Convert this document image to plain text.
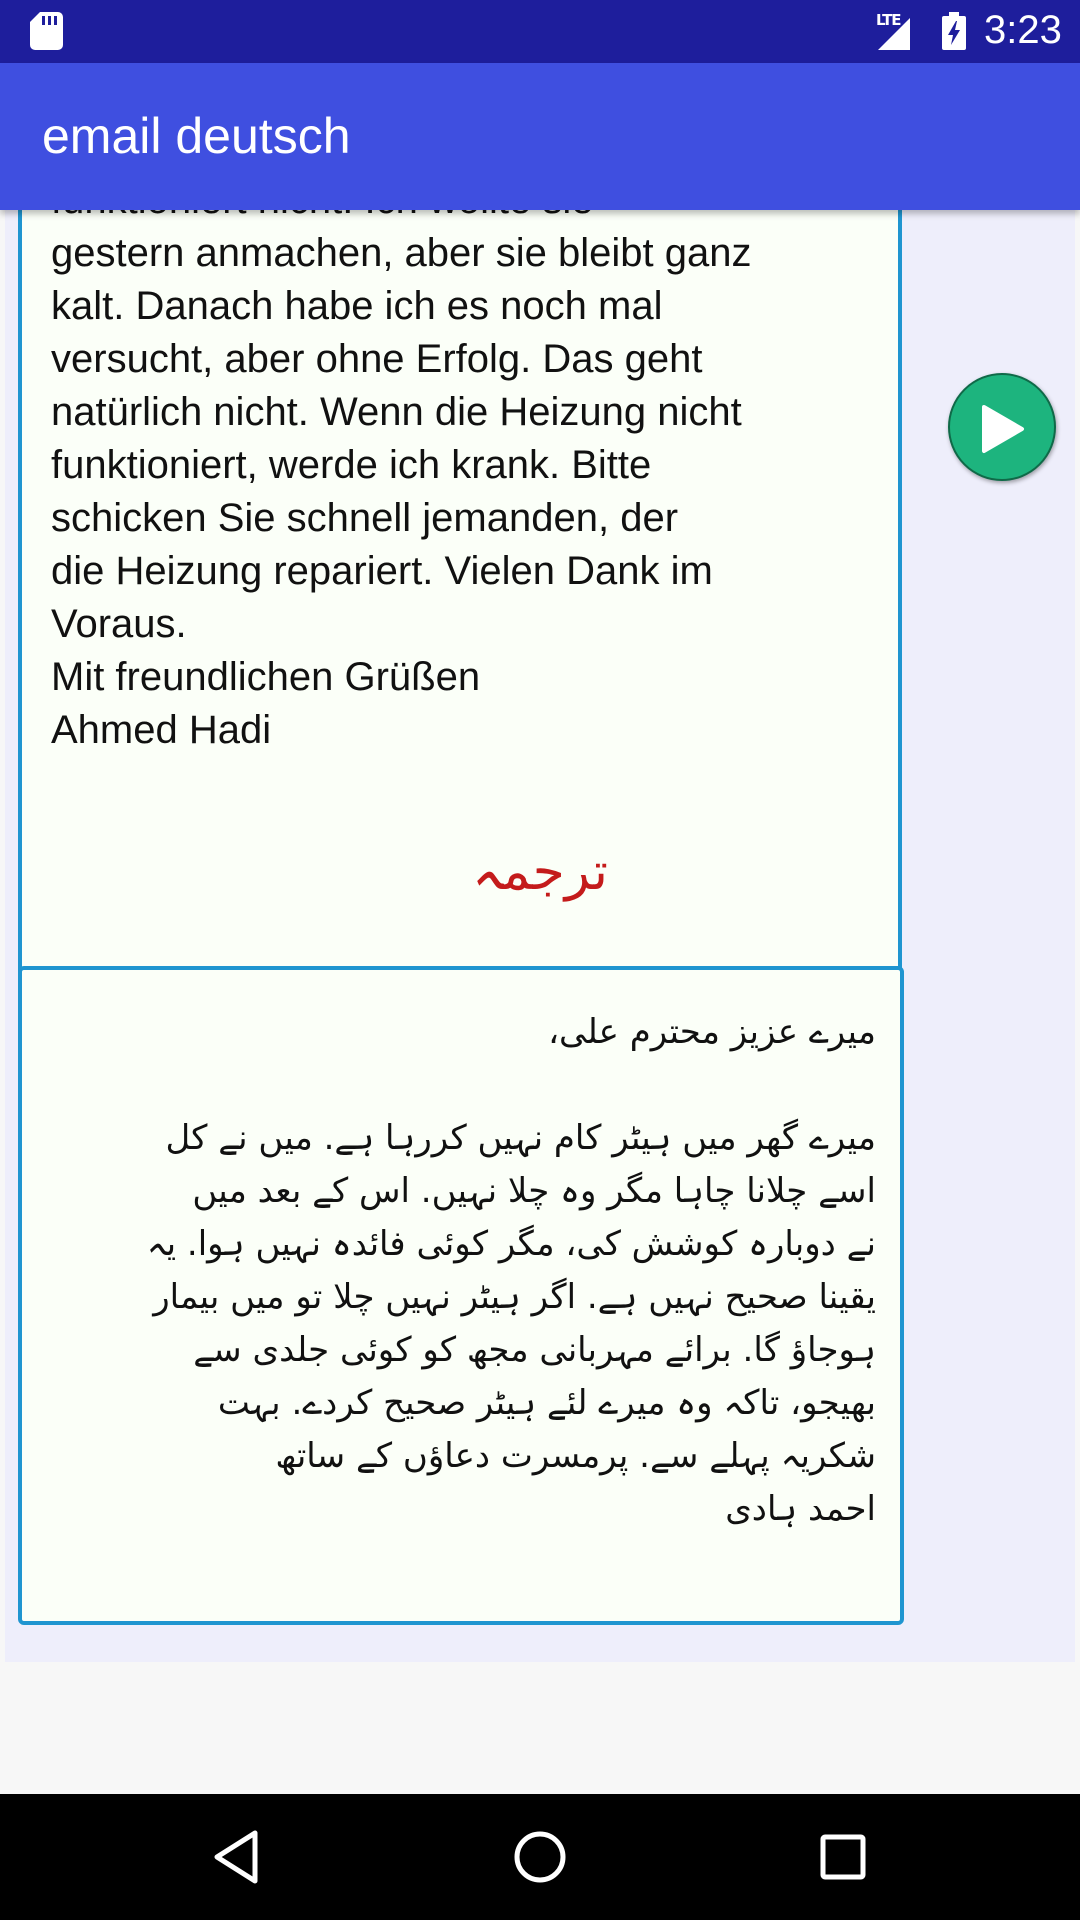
LTE 3:23
email deutsch

gestern anmachen, aber sie bleibt ganz
kalt. Danach habe ich es noch mal
versucht, aber ohne Erfolg. Das geht
natürlich nicht. Wenn die Heizung nicht
funktioniert, werde ich krank. Bitte
schicken Sie schnell jemanden, der
die Heizung repariert. Vielen Dank im
Voraus.
Mit freundlichen Grüßen
Ahmed Hadi

ترجمہ

میرے عزیز محترم علی،

میرے گھر میں ہیٹر کام نہیں کررہا ہے. میں نے کل
اسے چلانا چاہا مگر وہ چلا نہیں. اس کے بعد میں
نے دوبارہ کوشش کی، مگر کوئی فائدہ نہیں ہوا. یہ
یقینا صحیح نہیں ہے. اگر ہیٹر نہیں چلا تو میں بیمار
ہوجاؤ گا. برائے مہربانی مجھ کو کوئی جلدی سے
بھیجو، تاکہ وہ میرے لئے ہیٹر صحیح کردے. بہت
شکریہ پہلے سے. پرمسرت دعاؤں کے ساتھ
احمد ہادی
